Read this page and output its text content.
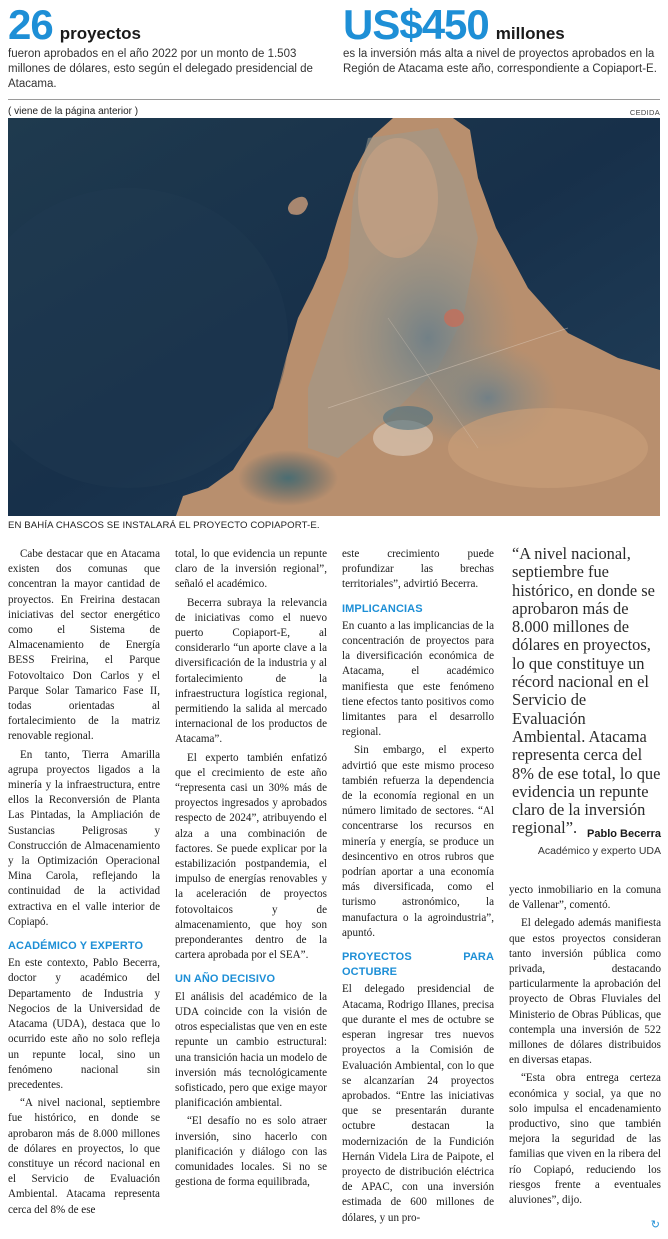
26 proyectos
fueron aprobados en el año 2022 por un monto de 1.503 millones de dólares, esto según el delegado presidencial de Atacama.
US$450 millones
es la inversión más alta a nivel de proyectos aprobados en la Región de Atacama este año, correspondiente a Copiaport-E.
( viene de la página anterior )	CEDIDA
EN BAHÍA CHASCOS SE INSTALARÁ EL PROYECTO COPIAPORT-E.

Cabe destacar que en Atacama existen dos comunas que concentran la mayor cantidad de proyectos. En Freirina destacan iniciativas del sector energético como el Sistema de Almacenamiento de Energía BESS Freirina, el Parque Fotovoltaico Don Carlos y el Parque Solar Tamarico Fase II, todas orientadas al fortalecimiento de la matriz renovable regional.

En tanto, Tierra Amarilla agrupa proyectos ligados a la minería y la infraestructura, entre ellos la Reconversión de Planta Las Pintadas, la Ampliación de Sustancias Peligrosas y Construcción de Almacenamiento y la Optimización Operacional Mina Carola, reflejando la continuidad de la actividad extractiva en el valle interior de Copiapó.

ACADÉMICO Y EXPERTO

En este contexto, Pablo Becerra, doctor y académico del Departamento de Industria y Negocios de la Universidad de Atacama (UDA), destaca que lo ocurrido este año no solo refleja un repunte local, sino un fenómeno nacional sin precedentes.

“A nivel nacional, septiembre fue histórico, en donde se aprobaron más de 8.000 millones de dólares en proyectos, lo que constituye un récord nacional en el Servicio de Evaluación Ambiental. Atacama representa cerca del 8% de ese

total, lo que evidencia un repunte claro de la inversión regional”, señaló el académico.

Becerra subraya la relevancia de iniciativas como el nuevo puerto Copiaport-E, al considerarlo “un aporte clave a la diversificación de la industria y al fortalecimiento de la infraestructura logística regional, permitiendo la salida al mercado internacional de los productos de Atacama”.

El experto también enfatizó que el crecimiento de este año “representa casi un 30% más de proyectos ingresados y aprobados respecto de 2024”, atribuyendo el alza a una combinación de factores. Se puede explicar por la estabilización postpandemia, el impulso de energías renovables y la aceleración de proyectos fotovoltaicos y de almacenamiento, que hoy son preponderantes dentro de la cartera aprobada por el SEA”.

UN AÑO DECISIVO

El análisis del académico de la UDA coincide con la visión de otros especialistas que ven en este repunte un cambio estructural: una transición hacia un modelo de inversión más tecnológicamente sofisticado, pero que exige mayor planificación ambiental.

“El desafío no es solo atraer inversión, sino hacerlo con planificación y diálogo con las comunidades locales. Si no se gestiona de forma equilibrada,

este crecimiento puede profundizar las brechas territoriales”, advirtió Becerra.

IMPLICANCIAS

En cuanto a las implicancias de la concentración de proyectos para la diversificación económica de Atacama, el académico manifiesta que este fenómeno tiene efectos tanto positivos como limitantes para el desarrollo regional.

Sin embargo, el experto advirtió que este mismo proceso también refuerza la dependencia de la economía regional en un número limitado de sectores. “Al concentrarse los recursos en minería y energía, se produce un desincentivo en otros rubros que podrían aportar a una economía más diversificada, como el turismo astronómico, la manufactura o la agroindustria”, apuntó.

PROYECTOS PARA OCTUBRE

El delegado presidencial de Atacama, Rodrigo Illanes, precisa que durante el mes de octubre se esperan ingresar tres nuevos proyectos a la Comisión de Evaluación Ambiental, con lo que se alcanzarían 24 proyectos aprobados. “Entre las iniciativas que se presentarán durante octubre destacan la modernización de la Fundición Hernán Videla Lira de Paipote, el proyecto de distribución eléctrica de APAC, con una inversión estimada de 600 millones de dólares, y un pro-

“A nivel nacional, septiembre fue histórico, en donde se aprobaron más de 8.000 millones de dólares en proyectos, lo que constituye un récord nacional en el Servicio de Evaluación Ambiental. Atacama representa cerca del 8% de ese total, lo que evidencia un repunte claro de la inversión regional”. Pablo Becerra
Académico y experto UDA

yecto inmobiliario en la comuna de Vallenar”, comentó.

El delegado además manifiesta que estos proyectos consideran tanto inversión pública como privada, destacando particularmente la aprobación del proyecto de Obras Fluviales del Ministerio de Obras Públicas, que contempla una inversión de 522 millones de dólares distribuidos en diversas etapas.

“Esta obra entrega certeza económica y social, ya que no solo impulsa el encadenamiento productivo, sino que también mejora la seguridad de las familias que viven en la ribera del río Copiapó, reduciendo los riesgos frente a eventuales aluviones”, dijo.

↻
